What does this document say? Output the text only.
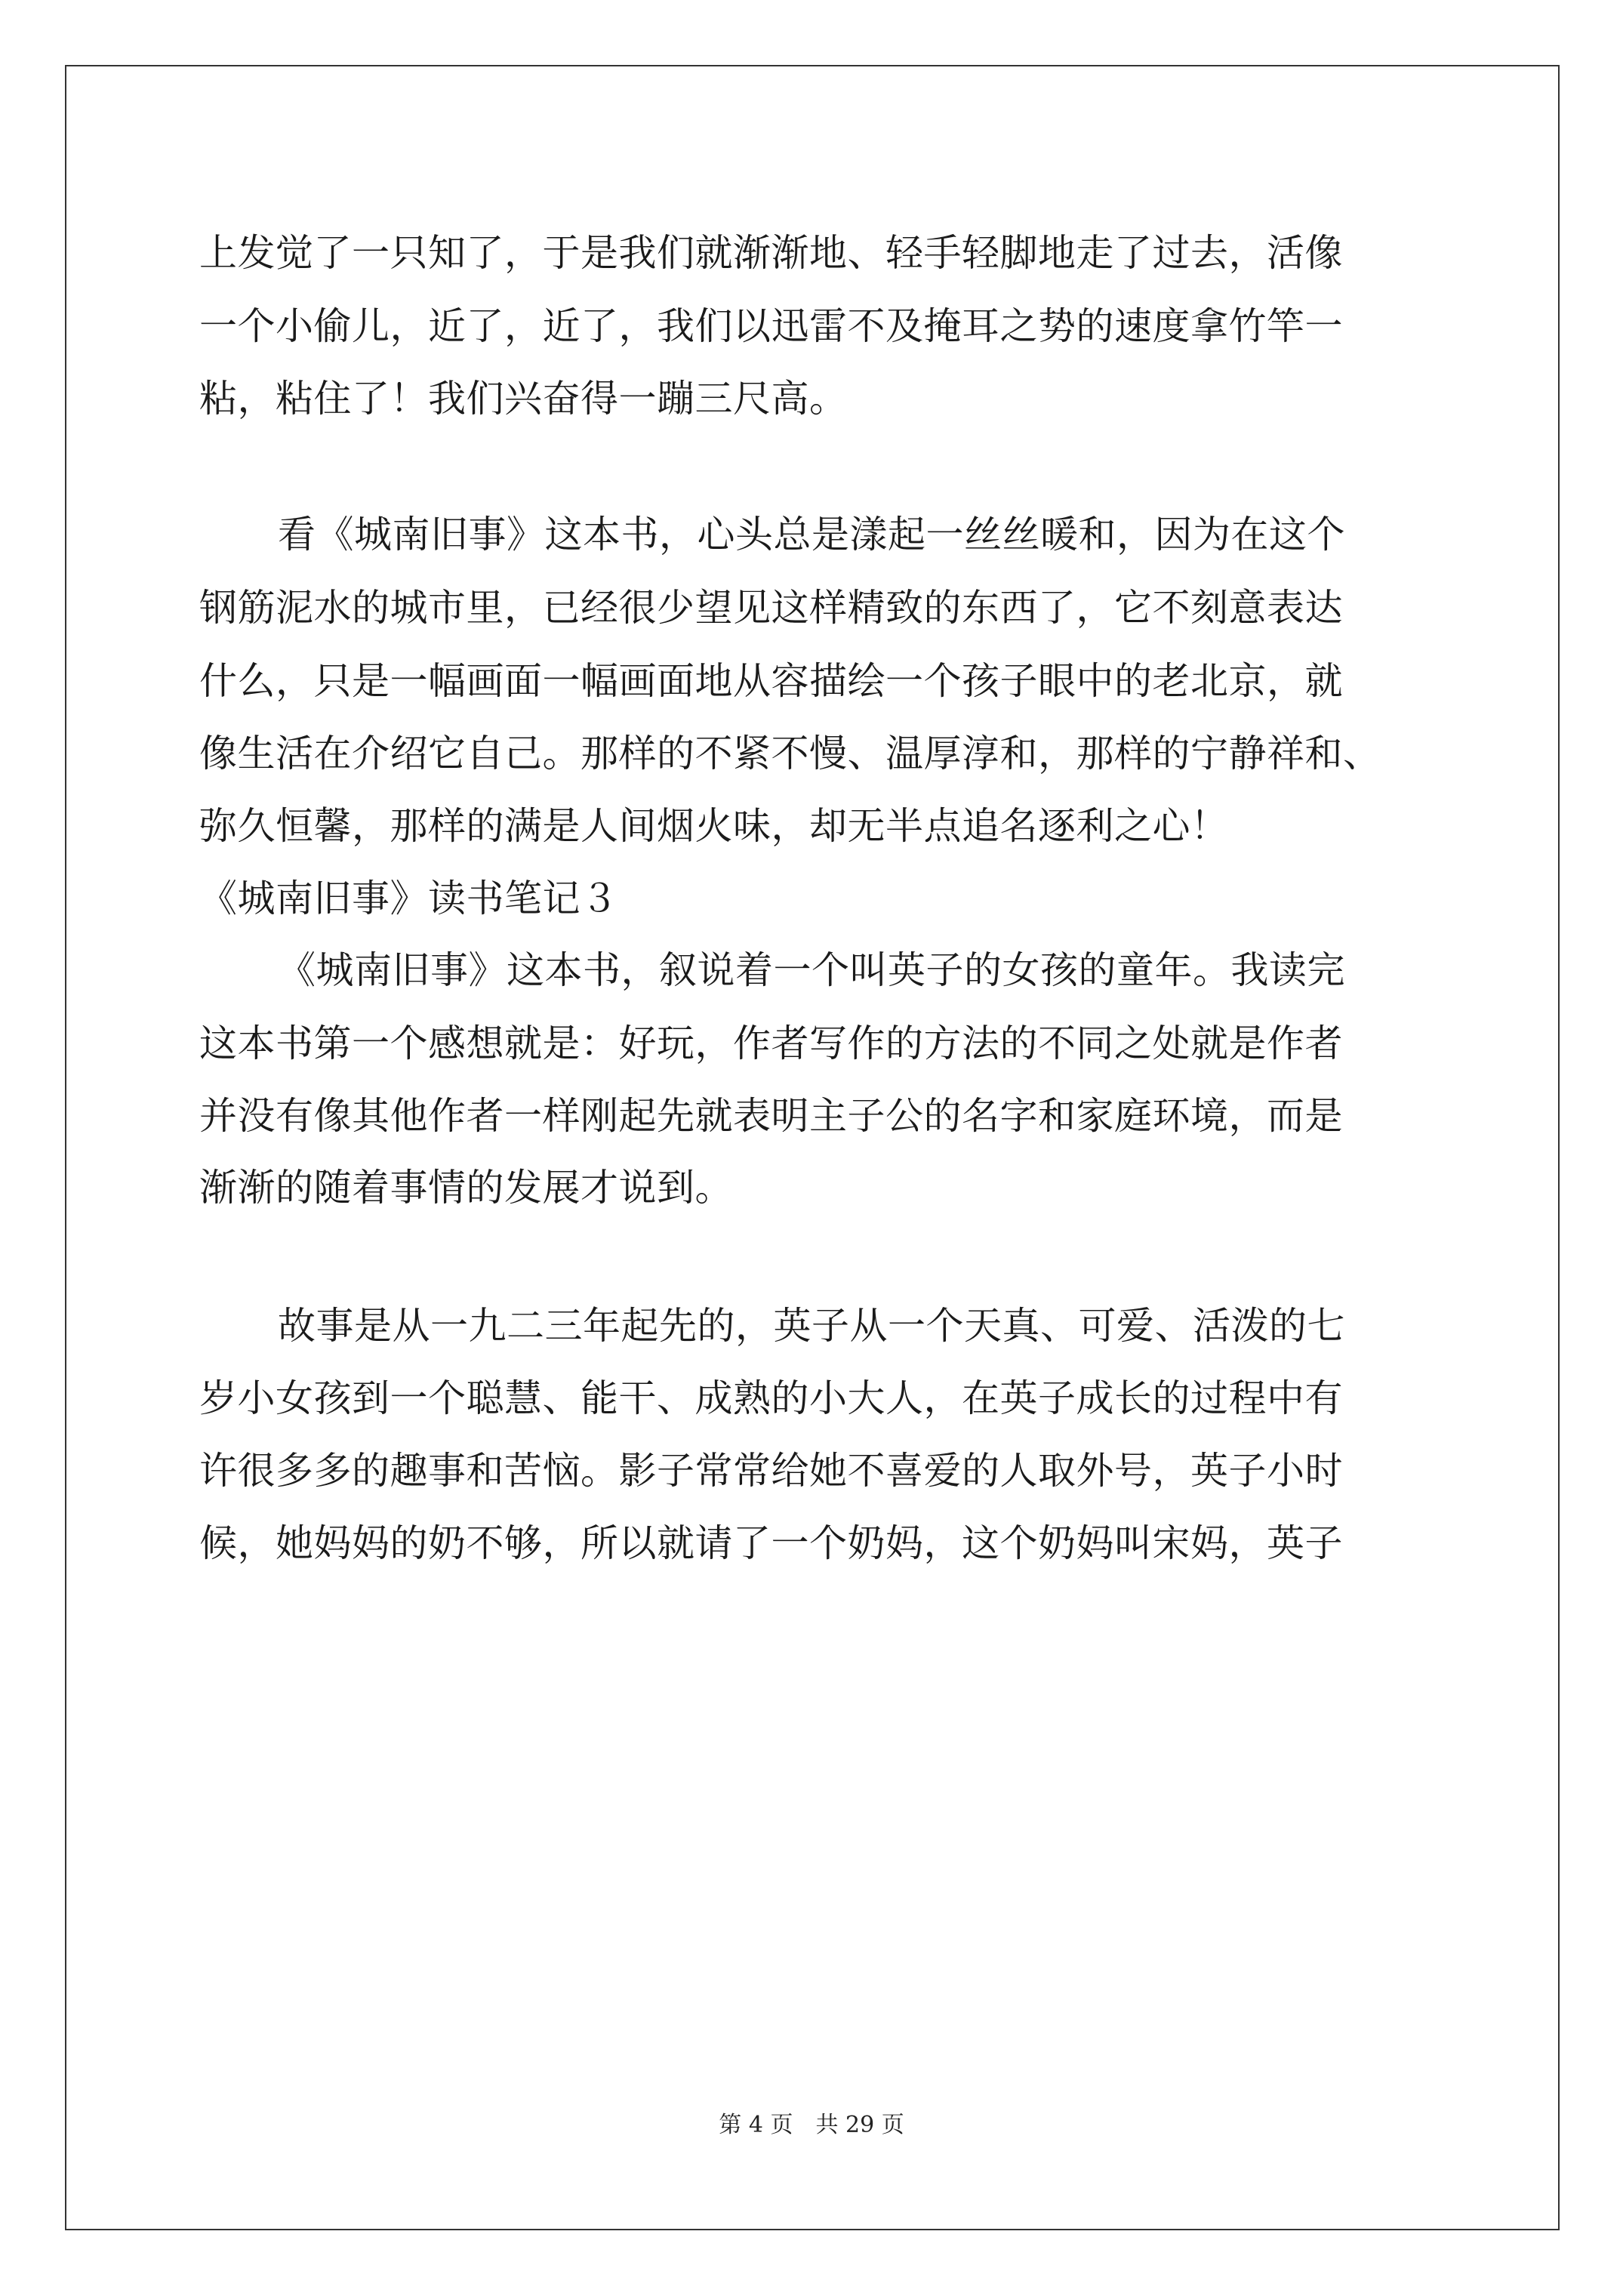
上发觉了一只知了，于是我们就渐渐地、轻手轻脚地走了过去，活像
一个小偷儿，近了，近了，我们以迅雷不及掩耳之势的速度拿竹竿一
粘，粘住了！我们兴奋得一蹦三尺高。
看《城南旧事》这本书，心头总是漾起一丝丝暖和，因为在这个
钢筋泥水的城市里，已经很少望见这样精致的东西了，它不刻意表达
什么，只是一幅画面一幅画面地从容描绘一个孩子眼中的老北京，就
像生活在介绍它自己。那样的不紧不慢、温厚淳和，那样的宁静祥和、
弥久恒馨，那样的满是人间烟火味，却无半点追名逐利之心！
《城南旧事》读书笔记３
《城南旧事》这本书，叙说着一个叫英子的女孩的童年。我读完
这本书第一个感想就是：好玩，作者写作的方法的不同之处就是作者
并没有像其他作者一样刚起先就表明主子公的名字和家庭环境，而是
渐渐的随着事情的发展才说到。
故事是从一九二三年起先的，英子从一个天真、可爱、活泼的七
岁小女孩到一个聪慧、能干、成熟的小大人，在英子成长的过程中有
许很多多的趣事和苦恼。影子常常给她不喜爱的人取外号，英子小时
候，她妈妈的奶不够，所以就请了一个奶妈，这个奶妈叫宋妈，英子
第 4 页　共 29 页
